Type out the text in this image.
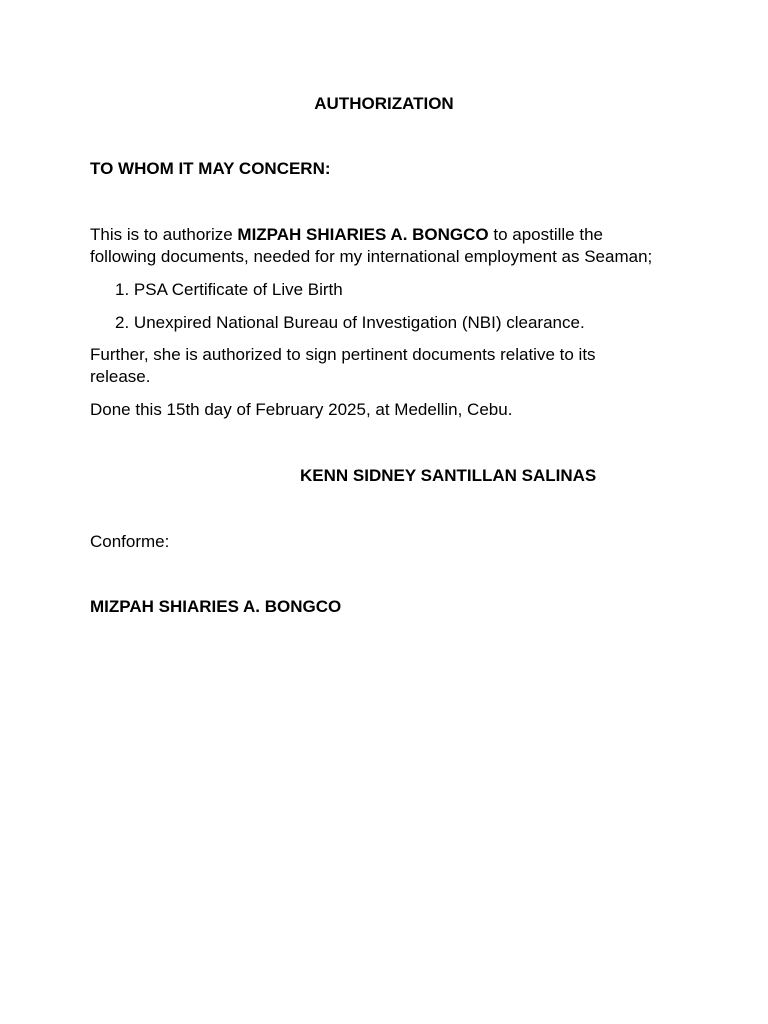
AUTHORIZATION
TO WHOM IT MAY CONCERN:
This is to authorize MIZPAH SHIARIES A. BONGCO to apostille the
following documents, needed for my international employment as Seaman;
1. PSA Certificate of Live Birth
2. Unexpired National Bureau of Investigation (NBI) clearance.
Further, she is authorized to sign pertinent documents relative to its release.
Done this 15th day of February 2025, at Medellin, Cebu.
KENN SIDNEY SANTILLAN SALINAS
Conforme:
MIZPAH SHIARIES A. BONGCO
